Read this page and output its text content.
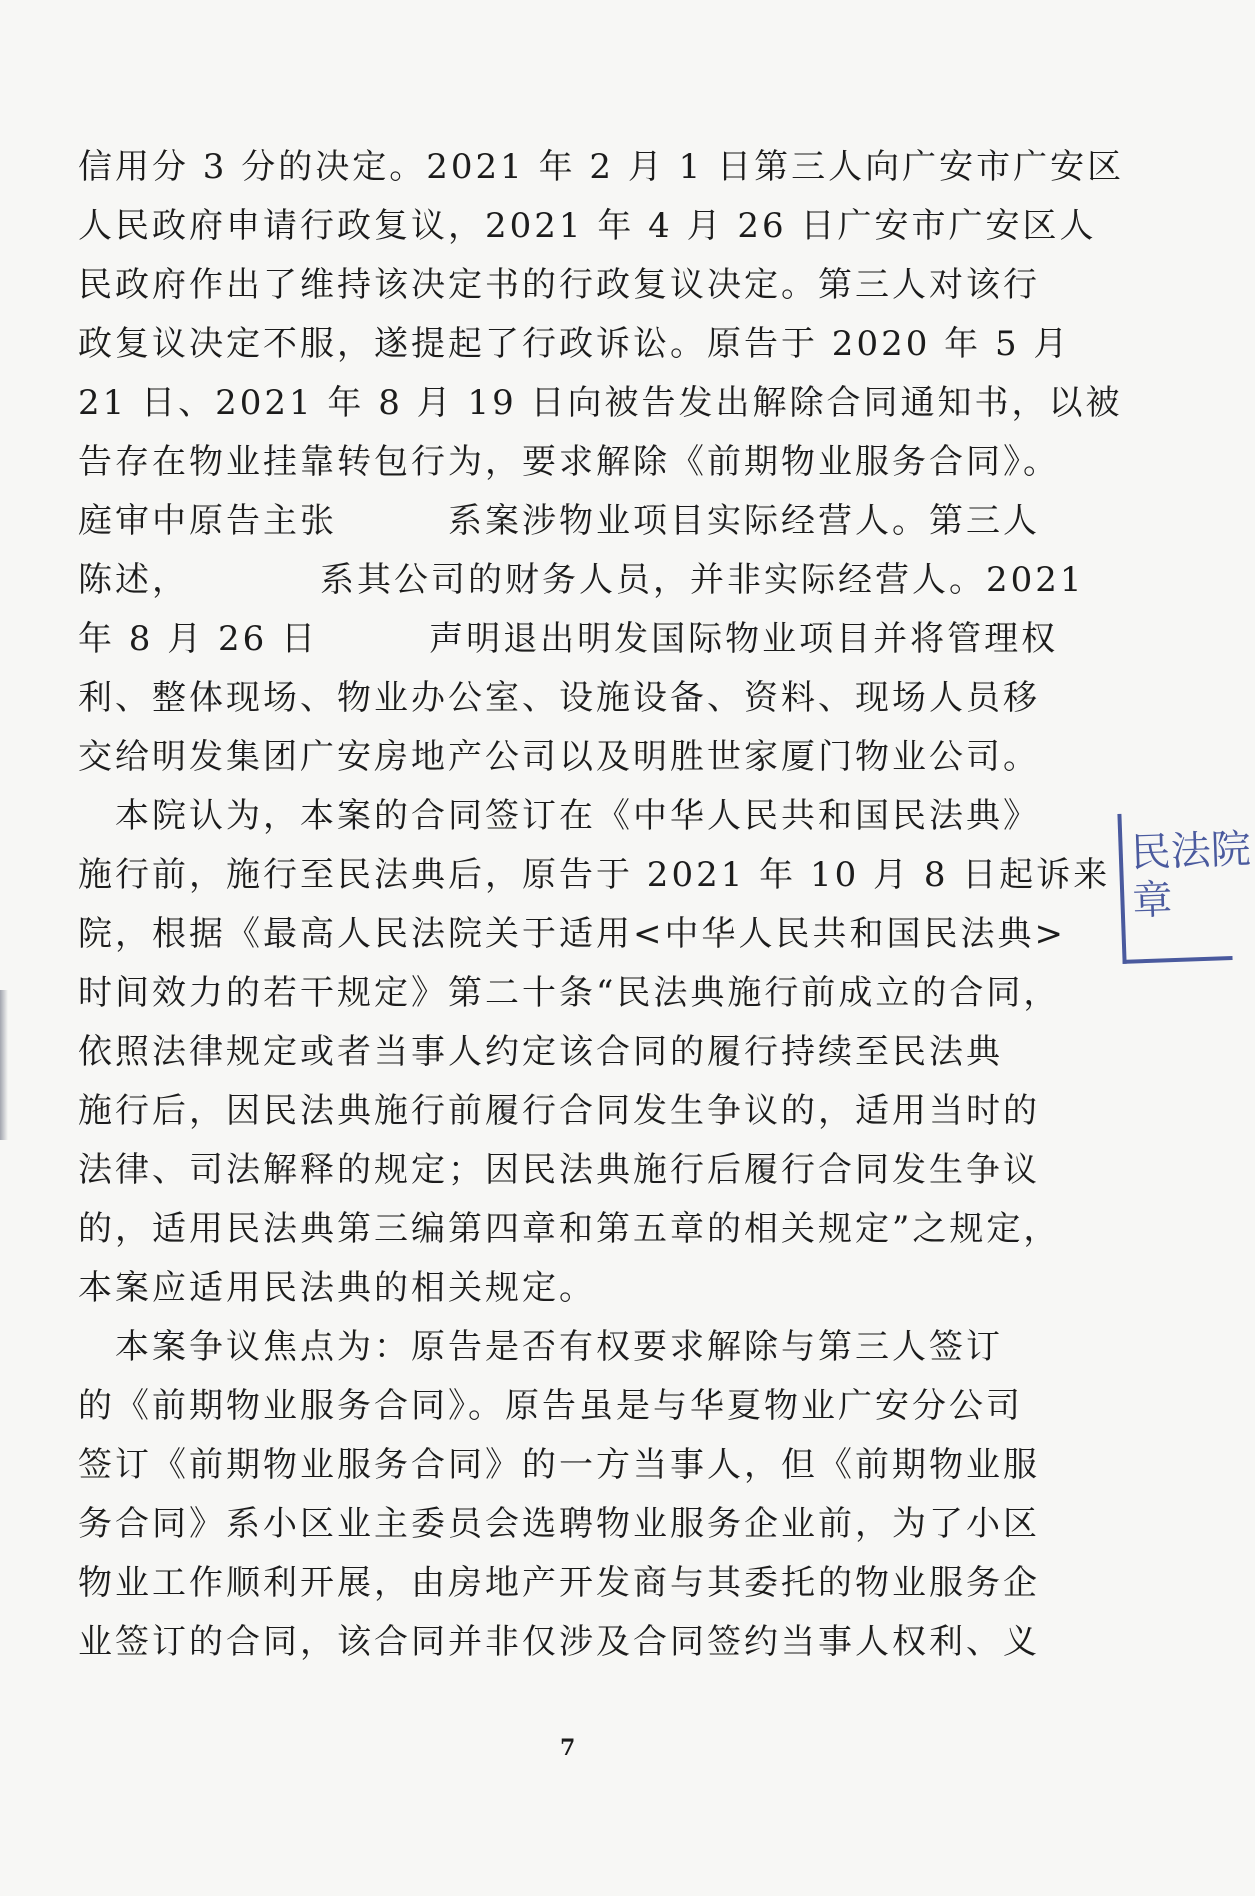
信用分 3 分的决定。2021 年 2 月 1 日第三人向广安市广安区
人民政府申请行政复议，2021 年 4 月 26 日广安市广安区人
民政府作出了维持该决定书的行政复议决定。第三人对该行
政复议决定不服，遂提起了行政诉讼。原告于 2020 年 5 月
21 日、2021 年 8 月 19 日向被告发出解除合同通知书，以被
告存在物业挂靠转包行为，要求解除《前期物业服务合同》。
庭审中原告主张　　　系案涉物业项目实际经营人。第三人
陈述，　　　　系其公司的财务人员，并非实际经营人。2021
年 8 月 26 日　　　声明退出明发国际物业项目并将管理权
利、整体现场、物业办公室、设施设备、资料、现场人员移
交给明发集团广安房地产公司以及明胜世家厦门物业公司。
　本院认为，本案的合同签订在《中华人民共和国民法典》
施行前，施行至民法典后，原告于 2021 年 10 月 8 日起诉来
院，根据《最高人民法院关于适用<中华人民共和国民法典>
时间效力的若干规定》第二十条“民法典施行前成立的合同，
依照法律规定或者当事人约定该合同的履行持续至民法典
施行后，因民法典施行前履行合同发生争议的，适用当时的
法律、司法解释的规定；因民法典施行后履行合同发生争议
的，适用民法典第三编第四章和第五章的相关规定”之规定，
本案应适用民法典的相关规定。
　本案争议焦点为：原告是否有权要求解除与第三人签订
的《前期物业服务合同》。原告虽是与华夏物业广安分公司
签订《前期物业服务合同》的一方当事人，但《前期物业服
务合同》系小区业主委员会选聘物业服务企业前，为了小区
物业工作顺利开展，由房地产开发商与其委托的物业服务企
业签订的合同，该合同并非仅涉及合同签约当事人权利、义
7
民法院
章
